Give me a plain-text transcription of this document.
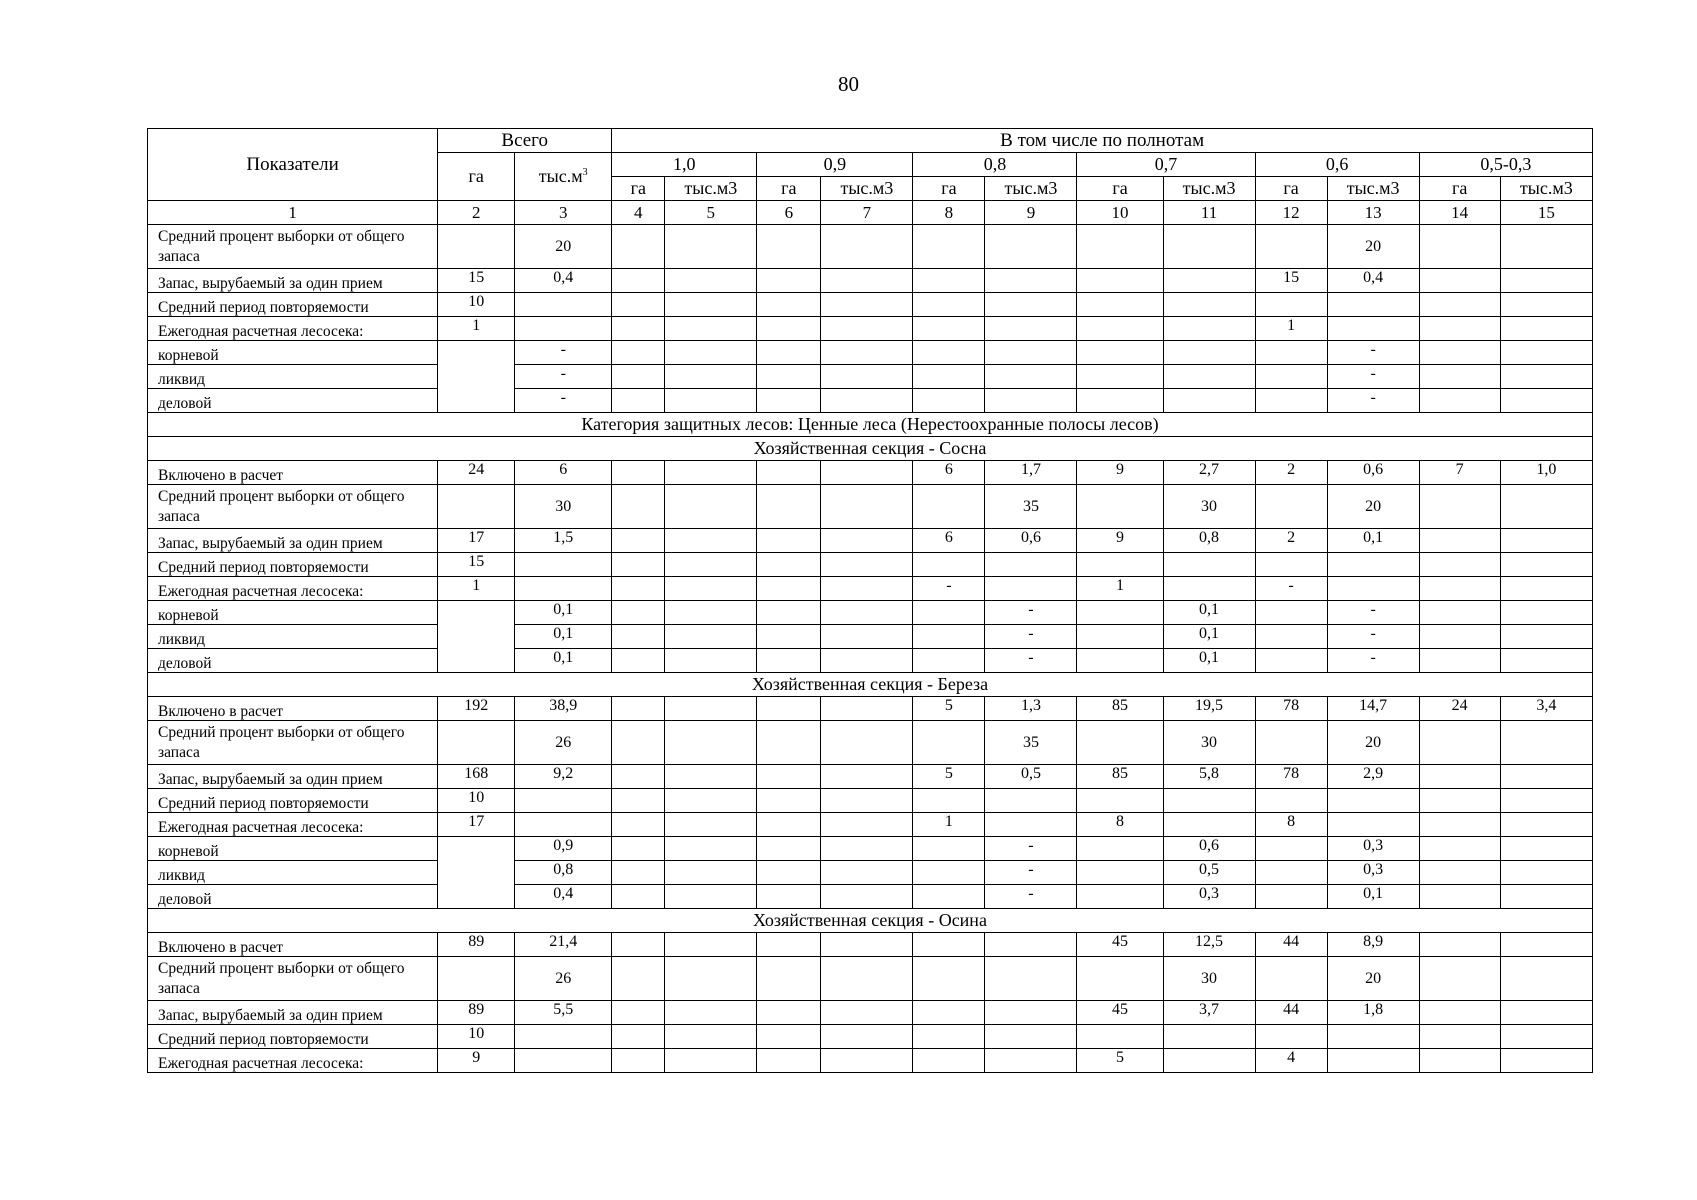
80
Показатели	Всего		В том числе по полнотам											
	га	$тыс.м^3$	1,0		0,9		0,8		0,7		0,6		0,5-0,3	
			га	тыс.м3	га	тыс.м3	га	тыс.м3	га	тыс.м3	га	тыс.м3	га	тыс.м3
1	2	3	4	5	6	7	8	9	10	11	12	13	14	15
Средний процент выборки от общего запаса		20										20		
Запас, вырубаемый за один прием	15	0,4									15	0,4		
Средний период повторяемости	10													
Ежегодная расчетная лесосека:	1										1			
корневой		-										-		
ликвид		-										-		
деловой		-										-		
Категория защитных лесов: Ценные леса (Нерестоохранные полосы лесов)														
Хозяйственная секция - Сосна														
Включено в расчет	24	6					6	1,7	9	2,7	2	0,6	7	1,0
Средний процент выборки от общего запаса		30						35		30		20		
Запас, вырубаемый за один прием	17	1,5					6	0,6	9	0,8	2	0,1		
Средний период повторяемости	15													
Ежегодная расчетная лесосека:	1						-		1		-			
корневой		0,1						-		0,1		-		
ликвид		0,1						-		0,1		-		
деловой		0,1						-		0,1		-		
Хозяйственная секция - Береза														
Включено в расчет	192	38,9					5	1,3	85	19,5	78	14,7	24	3,4
Средний процент выборки от общего запаса		26						35		30		20		
Запас, вырубаемый за один прием	168	9,2					5	0,5	85	5,8	78	2,9		
Средний период повторяемости	10													
Ежегодная расчетная лесосека:	17						1		8		8			
корневой		0,9						-		0,6		0,3		
ликвид		0,8						-		0,5		0,3		
деловой		0,4						-		0,3		0,1		
Хозяйственная секция - Осина														
Включено в расчет	89	21,4							45	12,5	44	8,9		
Средний процент выборки от общего запаса		26								30		20		
Запас, вырубаемый за один прием	89	5,5							45	3,7	44	1,8		
Средний период повторяемости	10													
Ежегодная расчетная лесосека:	9								5		4			
